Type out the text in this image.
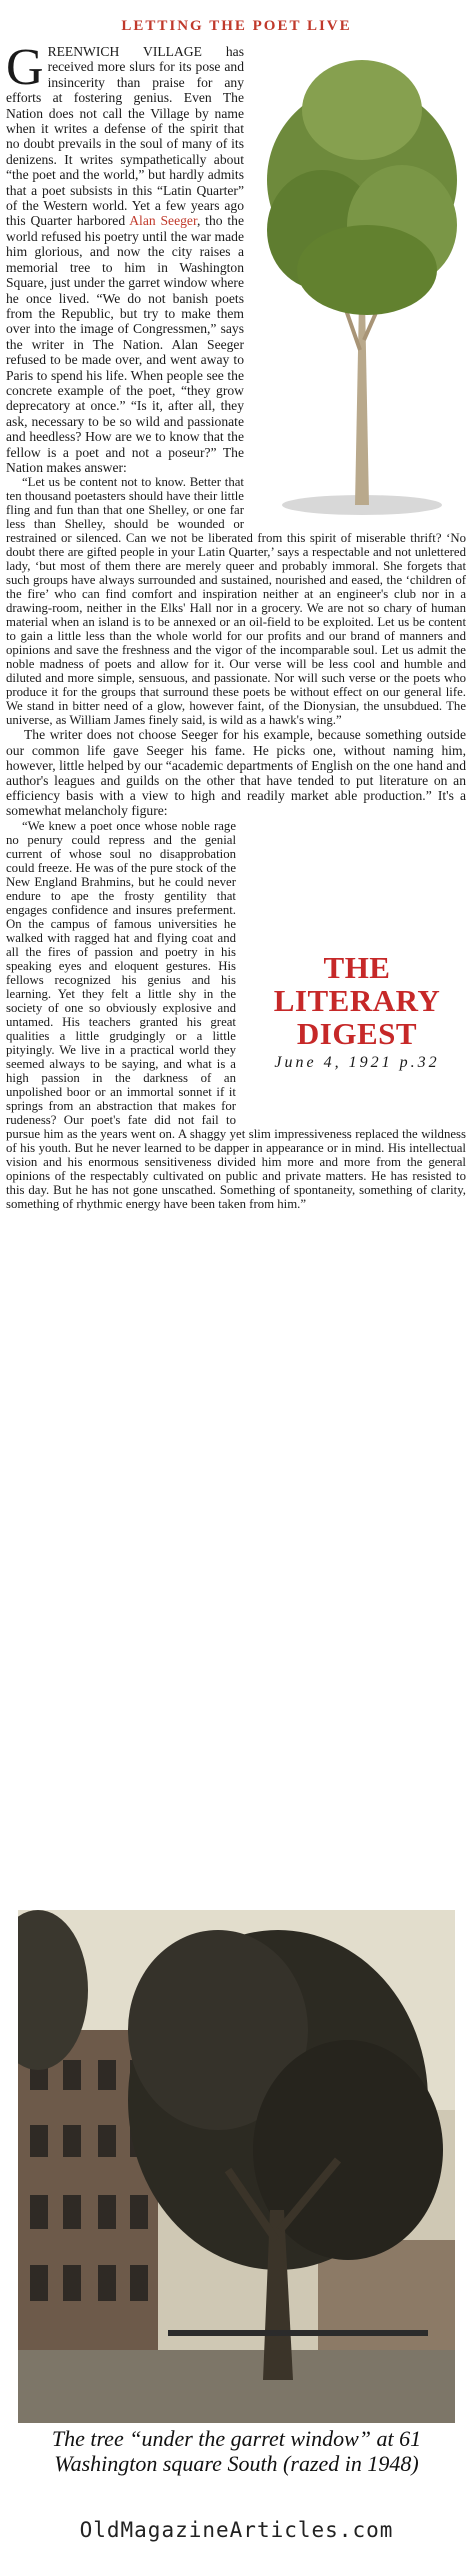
LETTING THE POET LIVE

GREENWICH VILLAGE has received more slurs for its pose and insincerity than praise for any efforts at fostering genius. Even The Nation does not call the Village by name when it writes a defense of the spirit that no doubt prevails in the soul of many of its denizens. It writes sympathetically about “the poet and the world,” but hardly admits that a poet subsists in this “Latin Quarter” of the Western world. Yet a few years ago this Quarter harbored Alan Seeger, tho the world refused his poetry until the war made him glorious, and now the city raises a memorial tree to him in Washington Square, just under the garret window where he once lived. “We do not banish poets from the Republic, but try to make them over into the image of Congressmen,” says the writer in The Nation. Alan Seeger refused to be made over, and went away to Paris to spend his life. When people see the concrete example of the poet, “they grow deprecatory at once.” “Is it, after all, they ask, necessary to be so wild and passionate and heedless? How are we to know that the fellow is a poet and not a poseur?” The Nation makes answer:

“Let us be content not to know. Better that ten thousand poetasters should have their little fling and fun than that one Shelley, or one far less than Shelley, should be wounded or restrained or silenced. Can we not be liberated from this spirit of miserable thrift? ‘No doubt there are gifted people in your Latin Quarter,’ says a respectable and not unlettered lady, ‘but most of them there are merely queer and probably immoral. She forgets that such groups have always surrounded and sustained, nourished and eased, the ‘children of the fire’ who can find comfort and inspiration neither at an engineer's club nor in a drawing-room, neither in the Elks' Hall nor in a grocery. We are not so chary of human material when an island is to be annexed or an oil-field to be exploited. Let us be content to gain a little less than the whole world for our profits and our brand of manners and opinions and save the freshness and the vigor of the incomparable soul. Let us admit the noble madness of poets and allow for it. Our verse will be less cool and humble and diluted and more simple, sensuous, and passionate. Nor will such verse or the poets who produce it for the groups that surround these poets be without effect on our general life. We stand in bitter need of a glow, however faint, of the Dionysian, the unsubdued. The universe, as William James finely said, is wild as a hawk's wing.”

The writer does not choose Seeger for his example, because something outside our common life gave Seeger his fame. He picks one, without naming him, however, little helped by our “academic departments of English on the one hand and author's leagues and guilds on the other that have tended to put literature on an efficiency basis with a view to high and readily market able production.” It's a somewhat melancholy figure:

THE LITERARY DIGEST
June 4, 1921 p.32

“We knew a poet once whose noble rage no penury could repress and the genial current of whose soul no disapprobation could freeze. He was of the pure stock of the New England Brahmins, but he could never endure to ape the frosty gentility that engages confidence and insures preferment. On the campus of famous universities he walked with ragged hat and flying coat and all the fires of passion and poetry in his speaking eyes and eloquent gestures. His fellows recognized his genius and his learning. Yet they felt a little shy in the society of one so obviously explosive and untamed. His teachers granted his great qualities a little grudgingly or a little pityingly. We live in a practical world they seemed always to be saying, and what is a high passion in the darkness of an unpolished boor or an immortal sonnet if it springs from an abstraction that makes for rudeness? Our poet's fate did not fail to pursue him as the years went on. A shaggy yet slim impressiveness replaced the wildness of his youth. But he never learned to be dapper in appearance or in mind. His intellectual vision and his enormous sensitiveness divided him more and more from the general opinions of the respectably cultivated on public and private matters. He has resisted to this day. But he has not gone unscathed. Something of spontaneity, something of clarity, something of rhythmic energy have been taken from him.”

The tree “under the garret window” at 61 Washington square South (razed in 1948)
OldMagazineArticles.com
